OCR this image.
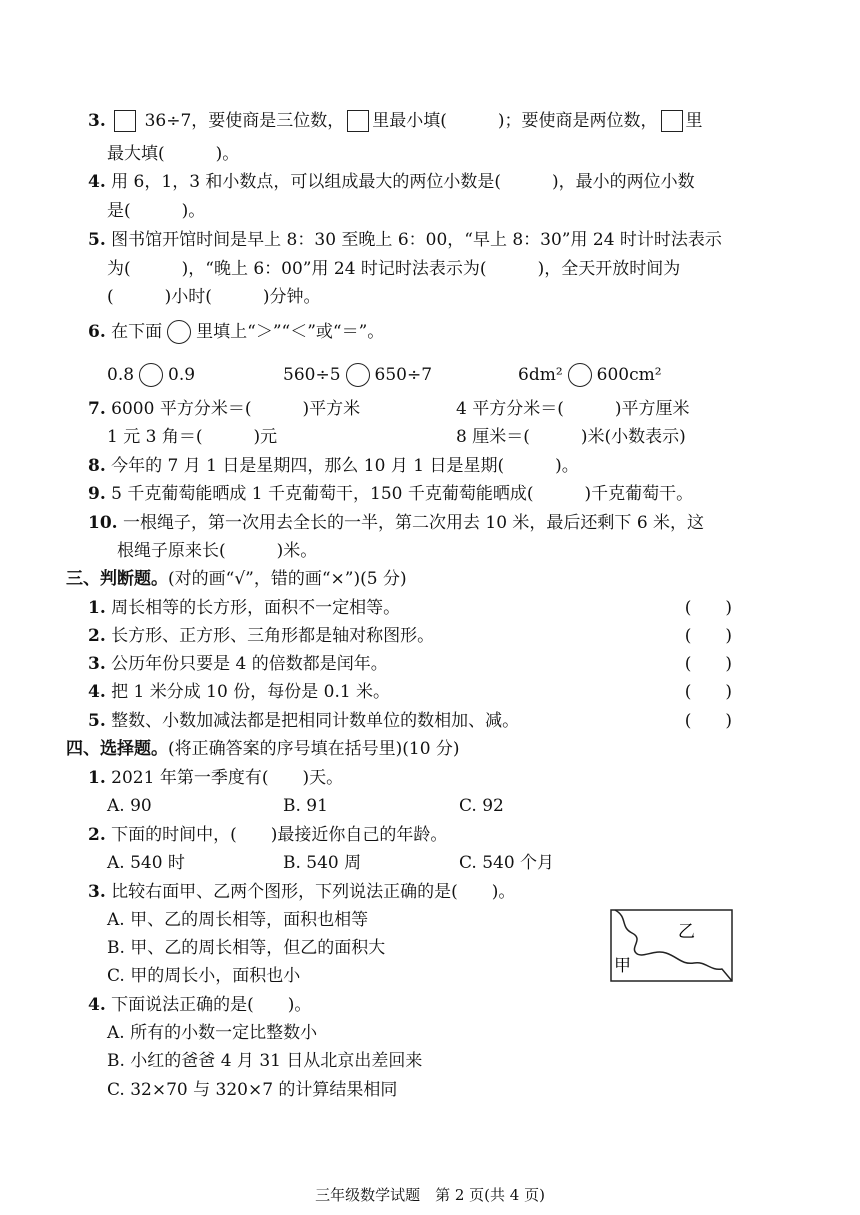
3. 36÷7，要使商是三位数， 里最小填(　　　)；要使商是两位数， 里
最大填(　　　)。
4. 用 6，1，3 和小数点，可以组成最大的两位小数是(　　　)，最小的两位小数
是(　　　)。
5. 图书馆开馆时间是早上 8：30 至晚上 6：00，“早上 8：30”用 24 时计时法表示
为(　　　)，“晚上 6：00”用 24 时记时法表示为(　　　)，全天开放时间为
(　　　)小时(　　　)分钟。
6. 在下面 里填上“＞”“＜”或“＝”。
0.8 0.9	560÷5 650÷7	6dm² 600cm²
7. 6000 平方分米＝(　　　)平方米	4 平方分米＝(　　　)平方厘米
1 元 3 角＝(　　　)元	8 厘米＝(　　　)米(小数表示)
8. 今年的 7 月 1 日是星期四，那么 10 月 1 日是星期(　　　)。
9. 5 千克葡萄能晒成 1 千克葡萄干，150 千克葡萄能晒成(　　　)千克葡萄干。
10. 一根绳子，第一次用去全长的一半，第二次用去 10 米，最后还剩下 6 米，这
根绳子原来长(　　　)米。
三、判断题。(对的画“√”，错的画“×”)(5 分)
1. 周长相等的长方形，面积不一定相等。	(　　)
2. 长方形、正方形、三角形都是轴对称图形。	(　　)
3. 公历年份只要是 4 的倍数都是闰年。	(　　)
4. 把 1 米分成 10 份，每份是 0.1 米。	(　　)
5. 整数、小数加减法都是把相同计数单位的数相加、减。	(　　)
四、选择题。(将正确答案的序号填在括号里)(10 分)
1. 2021 年第一季度有(　　)天。
A. 90	B. 91	C. 92
2. 下面的时间中，(　　)最接近你自己的年龄。
A. 540 时	B. 540 周	C. 540 个月
3. 比较右面甲、乙两个图形，下列说法正确的是(　　)。
A. 甲、乙的周长相等，面积也相等
B. 甲、乙的周长相等，但乙的面积大
C. 甲的周长小，面积也小
乙
甲
4. 下面说法正确的是(　　)。
A. 所有的小数一定比整数小
B. 小红的爸爸 4 月 31 日从北京出差回来
C. 32×70 与 320×7 的计算结果相同
三年级数学试题　第 2 页(共 4 页)
